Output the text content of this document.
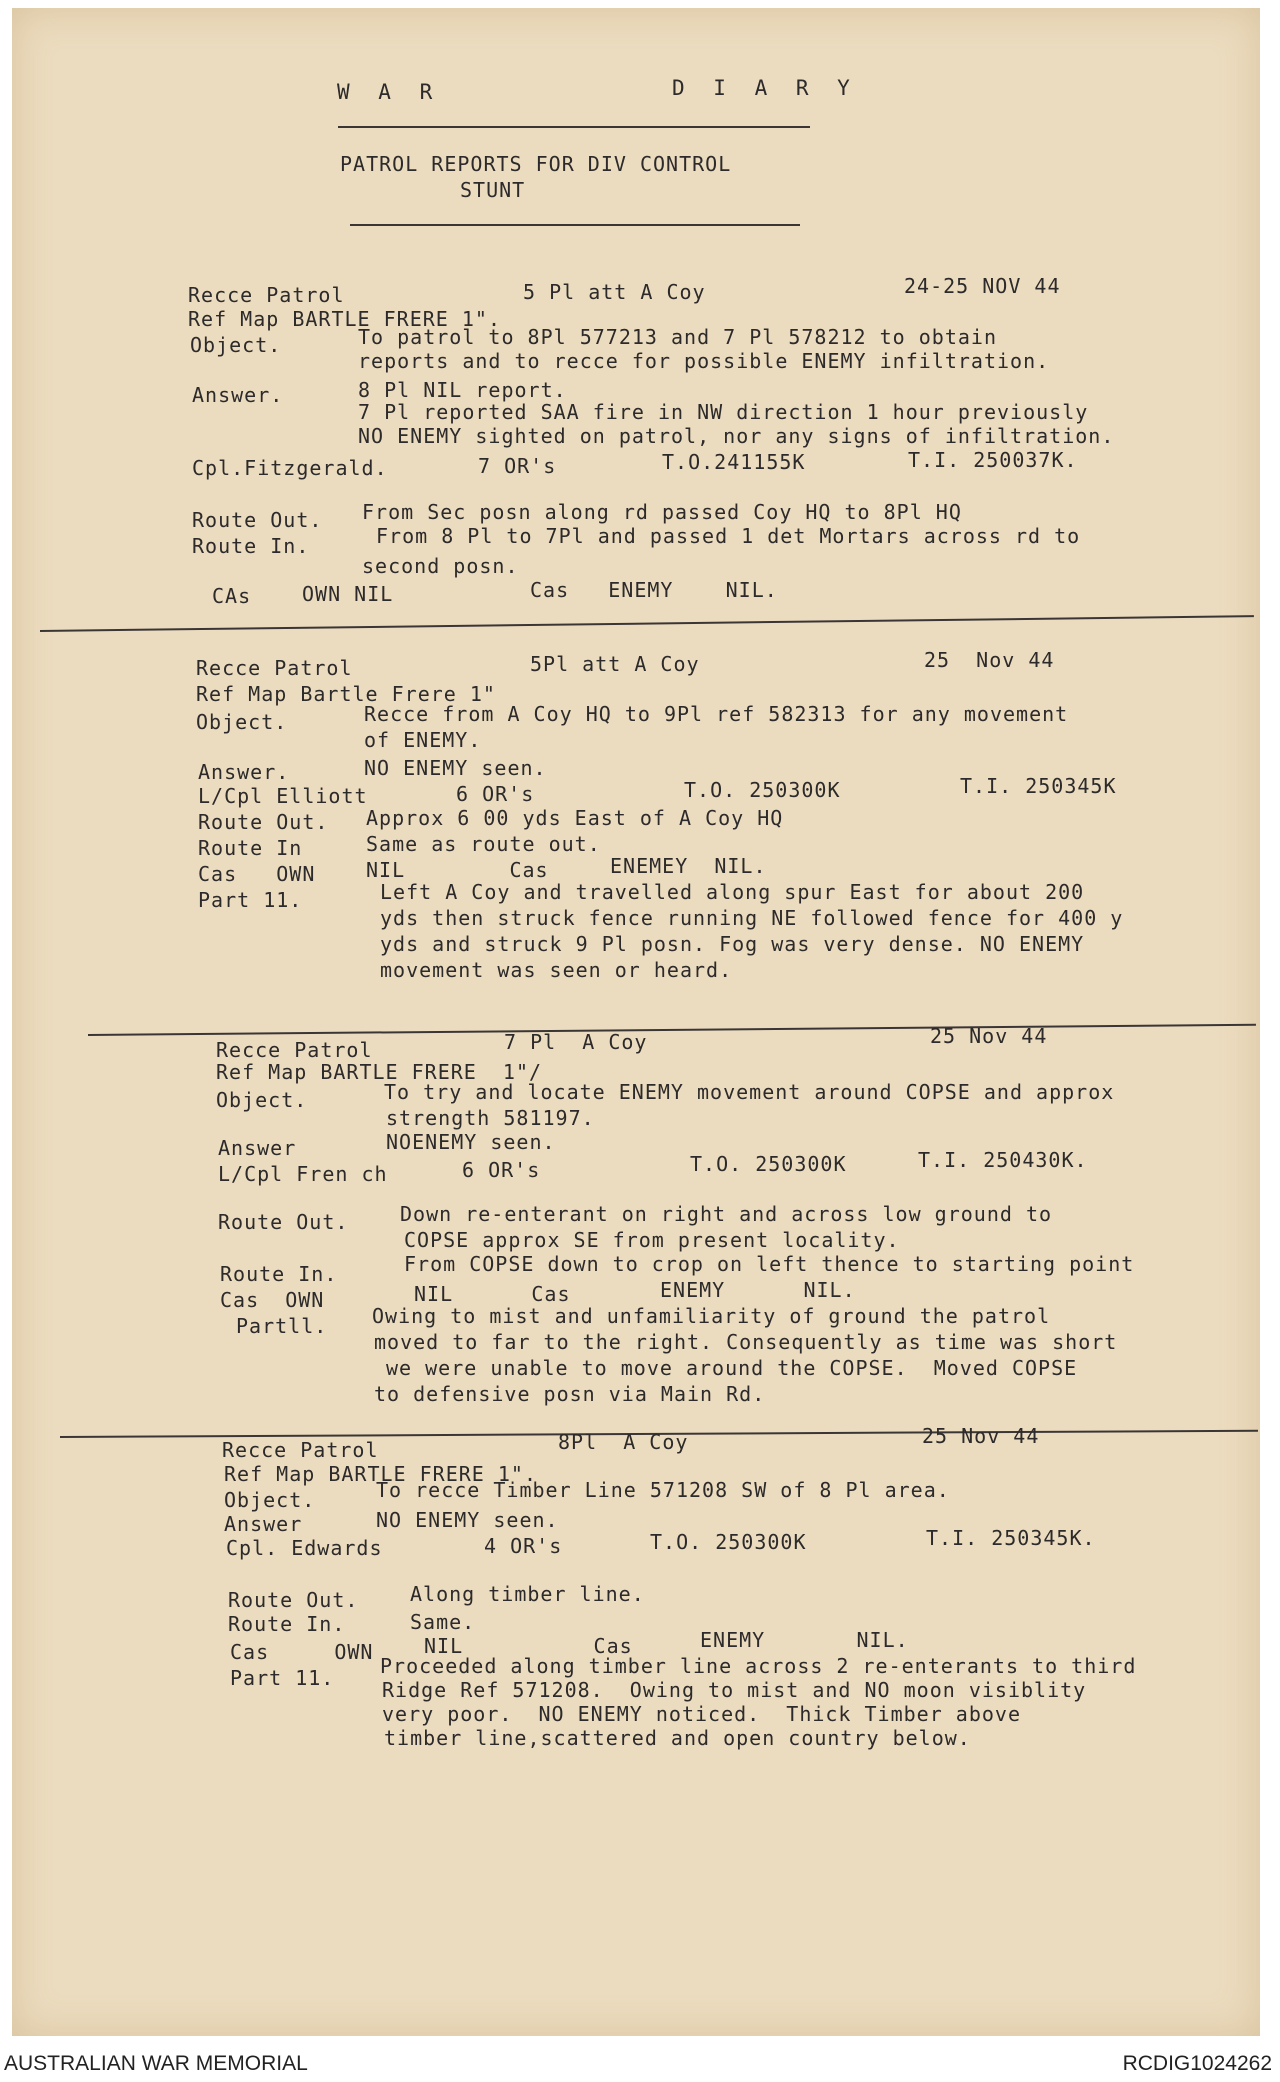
W A R	D I A R Y
PATROL REPORTS FOR DIV CONTROL
STUNT
Recce Patrol	5 Pl att A Coy	24-25 NOV 44
Ref Map BARTLE FRERE 1".
Object.	To patrol to 8Pl 577213 and 7 Pl 578212 to obtain
reports and to recce for possible ENEMY infiltration.
Answer.	8 Pl NIL report.
7 Pl reported SAA fire in NW direction 1 hour previously
NO ENEMY sighted on patrol, nor any signs of infiltration.
Cpl.Fitzgerald.	7 OR's	T.O.241155K	T.I. 250037K.
Route Out. From Sec posn along rd passed Coy HQ to 8Pl HQ
Route In.	From 8 Pl to 7Pl and passed 1 det Mortars across rd to
second posn.
CAs	OWN NIL	Cas   ENEMY    NIL.
Recce Patrol	5Pl att A Coy	25  Nov 44
Ref Map Bartle Frere 1"
Object.	Recce from A Coy HQ to 9Pl ref 582313 for any movement
of ENEMY.
Answer.	NO ENEMY seen.
L/Cpl Elliott	6 OR's	T.O. 250300K	T.I. 250345K
Route Out. Approx 6 00 yds East of A Coy HQ
Route In	Same as route out.
Cas   OWN	NIL        Cas	ENEMEY  NIL.
Part 11.	Left A Coy and travelled along spur East for about 200
yds then struck fence running NE followed fence for 400 y
yds and struck 9 Pl posn. Fog was very dense. NO ENEMY
movement was seen or heard.
Recce Patrol	7 Pl  A Coy	25 Nov 44
Ref Map BARTLE FRERE  1"/
Object.	To try and locate ENEMY movement around COPSE and approx
strength 581197.
Answer	NOENEMY seen.
L/Cpl Fren ch	6 OR's	T.O. 250300K	T.I. 250430K.
Route Out.	Down re-enterant on right and across low ground to
COPSE approx SE from present locality.
Route In.	From COPSE down to crop on left thence to starting point
Cas  OWN	NIL      Cas	ENEMY      NIL.
Partll. Owing to mist and unfamiliarity of ground the patrol
moved to far to the right. Consequently as time was short
we were unable to move around the COPSE.  Moved COPSE
to defensive posn via Main Rd.
Recce Patrol	8Pl  A Coy	25 Nov 44
Ref Map BARTLE FRERE 1".
Object.	To recce Timber Line 571208 SW of 8 Pl area.
Answer	NO ENEMY seen.
Cpl. Edwards	4 OR's	T.O. 250300K	T.I. 250345K.
Route Out.	Along timber line.
Route In.	Same.
Cas     OWN	NIL          Cas	ENEMY       NIL.
Part 11. Proceeded along timber line across 2 re-enterants to third
Ridge Ref 571208.  Owing to mist and NO moon visiblity
very poor.  NO ENEMY noticed.  Thick Timber above
timber line,scattered and open country below.
AUSTRALIAN WAR MEMORIAL	RCDIG1024262
